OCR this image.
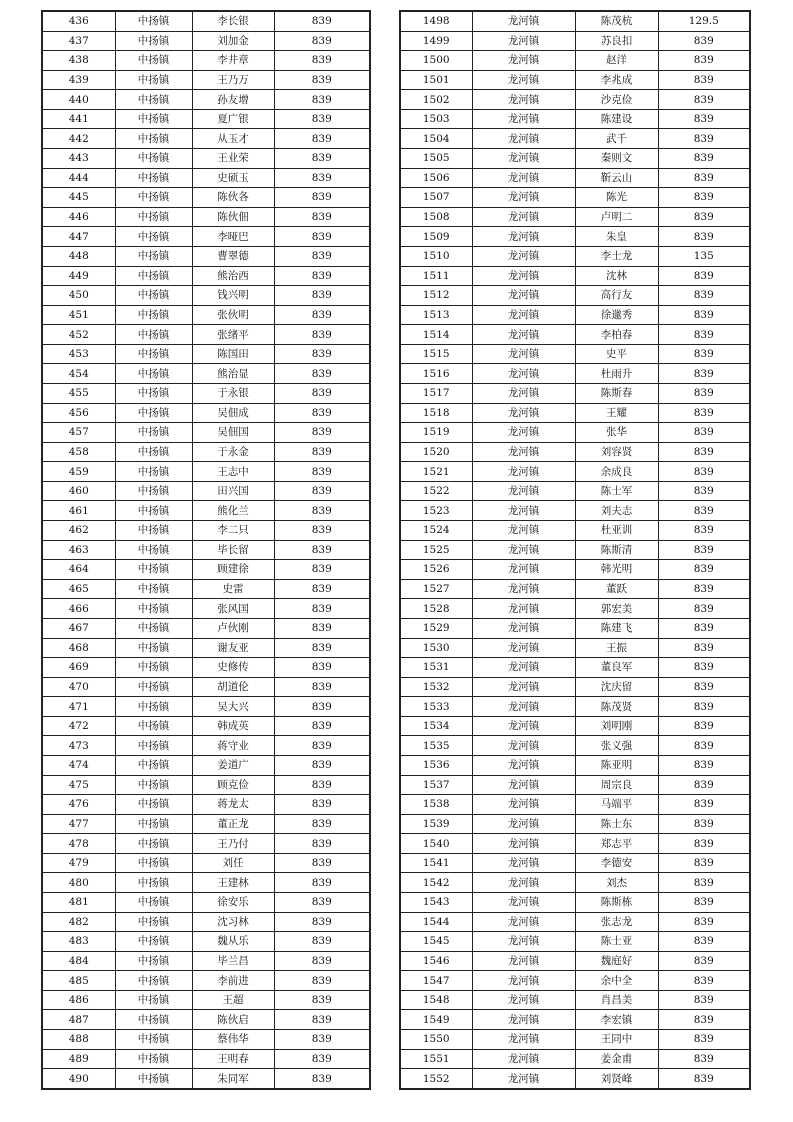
436	中扬镇	李长银	839
437	中扬镇	刘加金	839
438	中扬镇	李井章	839
439	中扬镇	王乃万	839
440	中扬镇	孙友增	839
441	中扬镇	夏广银	839
442	中扬镇	从玉才	839
443	中扬镇	王业荣	839
444	中扬镇	史硕玉	839
445	中扬镇	陈伙各	839
446	中扬镇	陈伙佃	839
447	中扬镇	李哑巴	839
448	中扬镇	曹翠德	839
449	中扬镇	熊治西	839
450	中扬镇	钱兴明	839
451	中扬镇	张伙明	839
452	中扬镇	张绪平	839
453	中扬镇	陈国田	839
454	中扬镇	熊治显	839
455	中扬镇	于永银	839
456	中扬镇	吴佃成	839
457	中扬镇	吴佃国	839
458	中扬镇	于永金	839
459	中扬镇	王志中	839
460	中扬镇	田兴国	839
461	中扬镇	熊化兰	839
462	中扬镇	李二只	839
463	中扬镇	毕长留	839
464	中扬镇	顾建徐	839
465	中扬镇	史雷	839
466	中扬镇	张风国	839
467	中扬镇	卢伙刚	839
468	中扬镇	谢友亚	839
469	中扬镇	史修传	839
470	中扬镇	胡道伦	839
471	中扬镇	吴大兴	839
472	中扬镇	韩成英	839
473	中扬镇	蒋守业	839
474	中扬镇	姜道广	839
475	中扬镇	顾克俭	839
476	中扬镇	蒋龙太	839
477	中扬镇	董正龙	839
478	中扬镇	王乃付	839
479	中扬镇	刘任	839
480	中扬镇	王建林	839
481	中扬镇	徐安乐	839
482	中扬镇	沈习林	839
483	中扬镇	魏从乐	839
484	中扬镇	毕兰昌	839
485	中扬镇	李前进	839
486	中扬镇	王超	839
487	中扬镇	陈伙启	839
488	中扬镇	蔡伟华	839
489	中扬镇	王明春	839
490	中扬镇	朱同军	839
1498	龙河镇	陈茂杭	129.5
1499	龙河镇	苏良扣	839
1500	龙河镇	赵洋	839
1501	龙河镇	李兆成	839
1502	龙河镇	沙克俭	839
1503	龙河镇	陈建设	839
1504	龙河镇	武千	839
1505	龙河镇	秦则文	839
1506	龙河镇	靳云山	839
1507	龙河镇	陈光	839
1508	龙河镇	卢明二	839
1509	龙河镇	朱皇	839
1510	龙河镇	李士龙	135
1511	龙河镇	沈林	839
1512	龙河镇	高行友	839
1513	龙河镇	徐邋秀	839
1514	龙河镇	李柏春	839
1515	龙河镇	史平	839
1516	龙河镇	杜雨升	839
1517	龙河镇	陈斯春	839
1518	龙河镇	王耀	839
1519	龙河镇	张华	839
1520	龙河镇	刘容贤	839
1521	龙河镇	余成良	839
1522	龙河镇	陈士军	839
1523	龙河镇	刘夫志	839
1524	龙河镇	杜亚训	839
1525	龙河镇	陈斯清	839
1526	龙河镇	韩光明	839
1527	龙河镇	董跃	839
1528	龙河镇	郭宏美	839
1529	龙河镇	陈建飞	839
1530	龙河镇	王振	839
1531	龙河镇	董良军	839
1532	龙河镇	沈庆留	839
1533	龙河镇	陈茂贤	839
1534	龙河镇	刘明刚	839
1535	龙河镇	张义强	839
1536	龙河镇	陈亚明	839
1537	龙河镇	周宗良	839
1538	龙河镇	马端平	839
1539	龙河镇	陈士东	839
1540	龙河镇	郑志平	839
1541	龙河镇	李德安	839
1542	龙河镇	刘杰	839
1543	龙河镇	陈斯栋	839
1544	龙河镇	张志龙	839
1545	龙河镇	陈士亚	839
1546	龙河镇	魏庭好	839
1547	龙河镇	余中全	839
1548	龙河镇	肖昌美	839
1549	龙河镇	李宏镇	839
1550	龙河镇	王同中	839
1551	龙河镇	姜金甫	839
1552	龙河镇	刘贤峰	839
